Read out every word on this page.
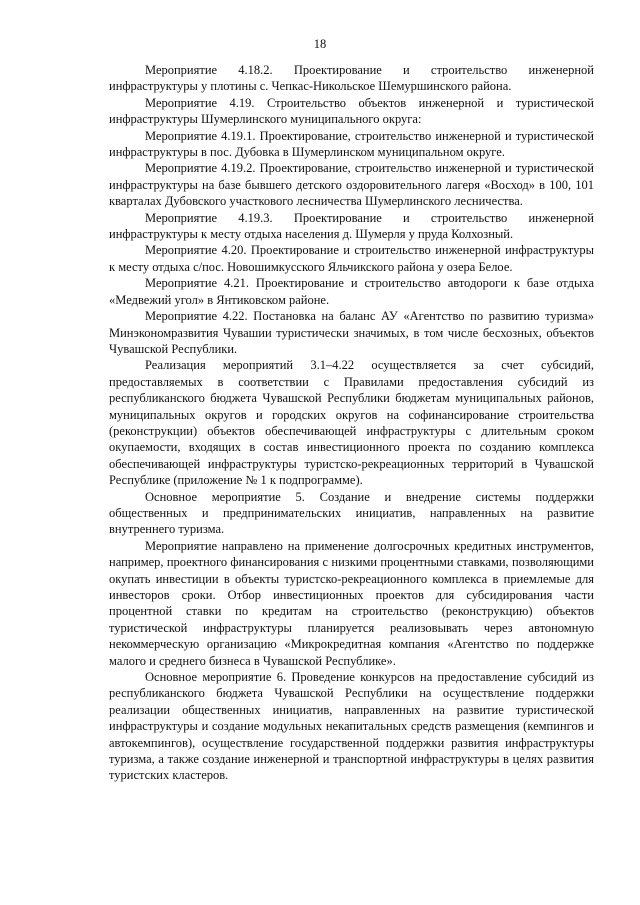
18

Мероприятие 4.18.2. Проектирование и строительство инженерной инфраструктуры у плотины с. Чепкас-Никольское Шемуршинского района.

Мероприятие 4.19. Строительство объектов инженерной и туристической инфраструктуры Шумерлинского муниципального округа:

Мероприятие 4.19.1. Проектирование, строительство инженерной и туристической инфраструктуры в пос. Дубовка в Шумерлинском муниципальном округе.

Мероприятие 4.19.2. Проектирование, строительство инженерной и туристической инфраструктуры на базе бывшего детского оздоровительного лагеря «Восход» в 100, 101 кварталах Дубовского участкового лесничества Шумерлинского лесничества.

Мероприятие 4.19.3. Проектирование и строительство инженерной инфраструктуры к месту отдыха населения д. Шумерля у пруда Колхозный.

Мероприятие 4.20. Проектирование и строительство инженерной инфраструктуры к месту отдыха с/пос. Новошимкусского Яльчикского района у озера Белое.

Мероприятие 4.21. Проектирование и строительство автодороги к базе отдыха «Медвежий угол» в Янтиковском районе.

Мероприятие 4.22. Постановка на баланс АУ «Агентство по развитию туризма» Минэкономразвития Чувашии туристически значимых, в том числе бесхозных, объектов Чувашской Республики.

Реализация мероприятий 3.1–4.22 осуществляется за счет субсидий, предоставляемых в соответствии с Правилами предоставления субсидий из республиканского бюджета Чувашской Республики бюджетам муниципальных районов, муниципальных округов и городских округов на софинансирование строительства (реконструкции) объектов обеспечивающей инфраструктуры с длительным сроком окупаемости, входящих в состав инвестиционного проекта по созданию комплекса обеспечивающей инфраструктуры туристско-рекреационных территорий в Чувашской Республике (приложение № 1 к подпрограмме).

Основное мероприятие 5. Создание и внедрение системы поддержки общественных и предпринимательских инициатив, направленных на развитие внутреннего туризма.

Мероприятие направлено на применение долгосрочных кредитных инструментов, например, проектного финансирования с низкими процентными ставками, позволяющими окупать инвестиции в объекты туристско-рекреационного комплекса в приемлемые для инвесторов сроки. Отбор инвестиционных проектов для субсидирования части процентной ставки по кредитам на строительство (реконструкцию) объектов туристической инфраструктуры планируется реализовывать через автономную некоммерческую организацию «Микрокредитная компания «Агентство по поддержке малого и среднего бизнеса в Чувашской Республике».

Основное мероприятие 6. Проведение конкурсов на предоставление субсидий из республиканского бюджета Чувашской Республики на осуществление поддержки реализации общественных инициатив, направленных на развитие туристической инфраструктуры и создание модульных некапитальных средств размещения (кемпингов и автокемпингов), осуществление государственной поддержки развития инфраструктуры туризма, а также создание инженерной и транспортной инфраструктуры в целях развития туристских кластеров.
